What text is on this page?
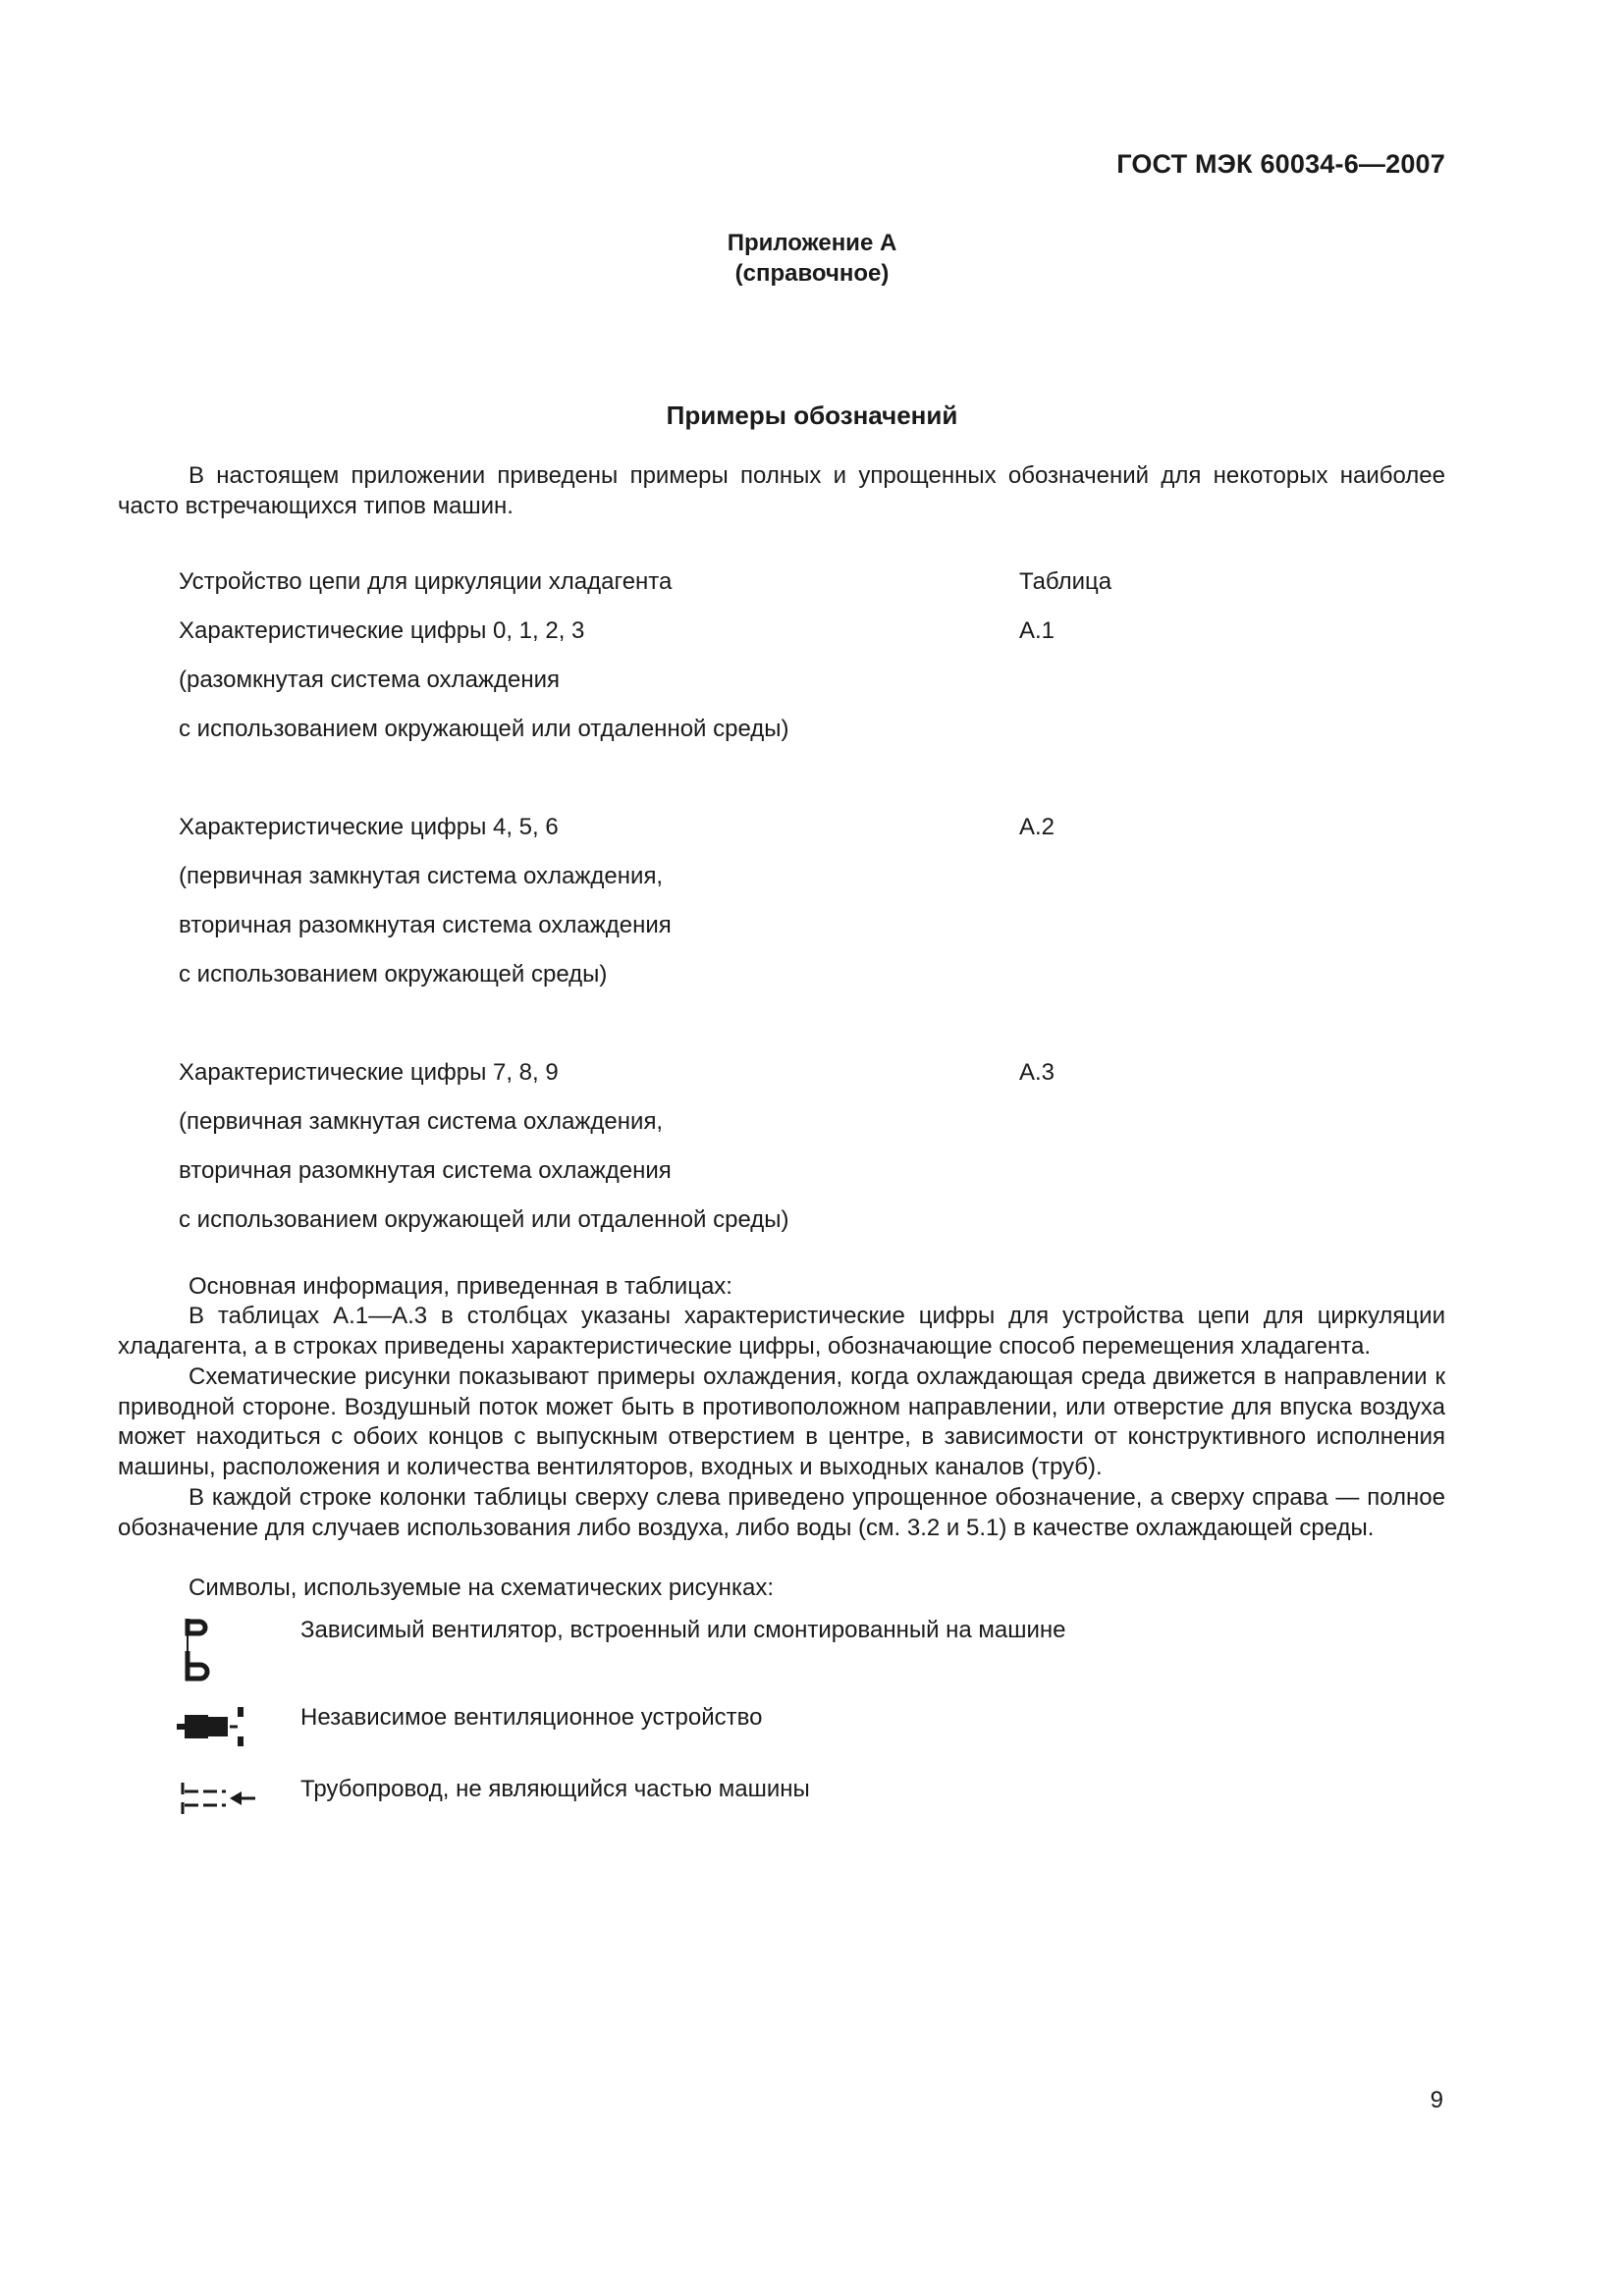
ГОСТ МЭК 60034-6—2007
Приложение А
(справочное)
Примеры обозначений
В настоящем приложении приведены примеры полных и упрощенных обозначений для некоторых наиболее часто встречающихся типов машин.
Устройство цепи для циркуляции хладагента	Таблица
Характеристические цифры 0, 1, 2, 3	А.1
(разомкнутая система охлаждения
с использованием окружающей или отдаленной среды)
Характеристические цифры 4, 5, 6	А.2
(первичная замкнутая система охлаждения,
вторичная разомкнутая система охлаждения
с использованием окружающей среды)
Характеристические цифры 7, 8, 9	А.3
(первичная замкнутая система охлаждения,
вторичная разомкнутая система охлаждения
с использованием окружающей или отдаленной среды)
Основная информация, приведенная в таблицах:
В таблицах А.1—А.3 в столбцах указаны характеристические цифры для устройства цепи для циркуляции хладагента, а в строках приведены характеристические цифры, обозначающие способ перемещения хладагента.
Схематические рисунки показывают примеры охлаждения, когда охлаждающая среда движется в направлении к приводной стороне. Воздушный поток может быть в противоположном направлении, или отверстие для впуска воздуха может находиться с обоих концов с выпускным отверстием в центре, в зависимости от конструктивного исполнения машины, расположения и количества вентиляторов, входных и выходных каналов (труб).
В каждой строке колонки таблицы сверху слева приведено упрощенное обозначение, а сверху справа — полное обозначение для случаев использования либо воздуха, либо воды (см. 3.2 и 5.1) в качестве охлаждающей среды.
Символы, используемые на схематических рисунках:
Зависимый вентилятор, встроенный или смонтированный на машине
Независимое вентиляционное устройство
Трубопровод, не являющийся частью машины
9
